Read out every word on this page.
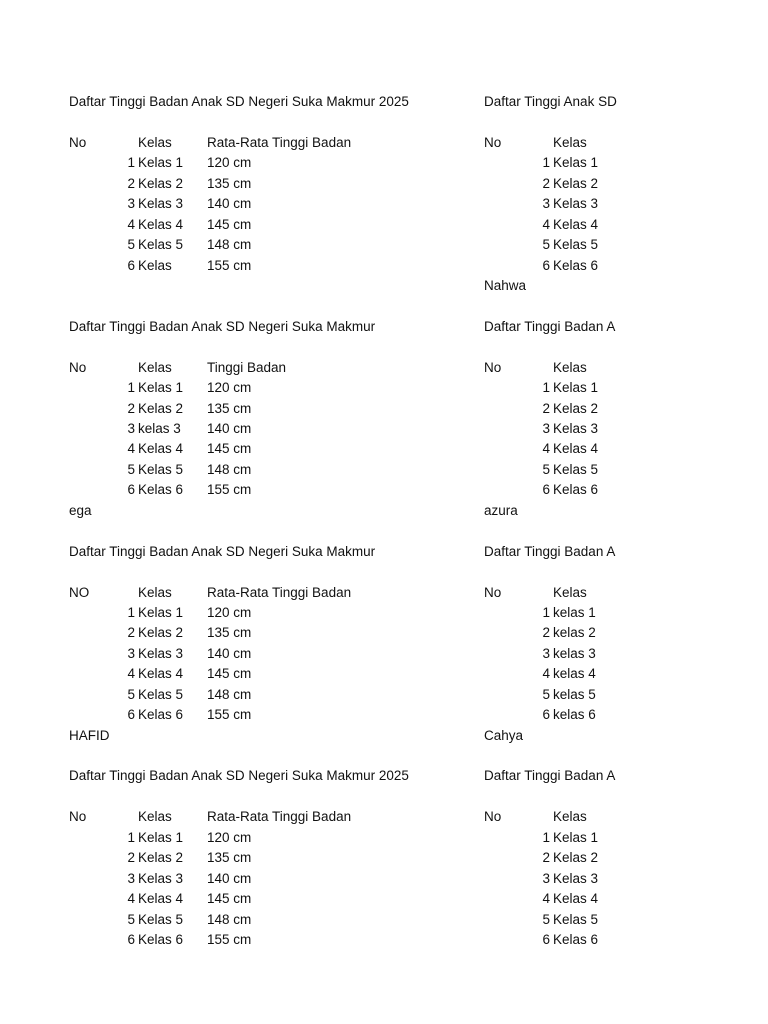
Daftar Tinggi Badan Anak SD Negeri Suka Makmur 2025
No	Kelas	Rata-Rata Tinggi Badan
1 Kelas 1 120 cm
2 Kelas 2 135 cm
3 Kelas 3 140 cm
4 Kelas 4 145 cm
5 Kelas 5 148 cm
6 Kelas	155 cm
Daftar Tinggi Badan Anak SD Negeri Suka Makmur
No	Kelas	Tinggi Badan
1 Kelas 1 120 cm
2 Kelas 2 135 cm
3 kelas 3 140 cm
4 Kelas 4 145 cm
5 Kelas 5 148 cm
6 Kelas 6 155 cm
ega
Daftar Tinggi Badan Anak SD Negeri Suka Makmur
NO	Kelas	Rata-Rata Tinggi Badan
1 Kelas 1 120 cm
2 Kelas 2 135 cm
3 Kelas 3 140 cm
4 Kelas 4 145 cm
5 Kelas 5 148 cm
6 Kelas 6 155 cm
HAFID
Daftar Tinggi Badan Anak SD Negeri Suka Makmur 2025
No	Kelas	Rata-Rata Tinggi Badan
1 Kelas 1 120 cm
2 Kelas 2 135 cm
3 Kelas 3 140 cm
4 Kelas 4 145 cm
5 Kelas 5 148 cm
6 Kelas 6 155 cm
Daftar Tinggi Anak SD
No	Kelas
1 Kelas 1
2 Kelas 2
3 Kelas 3
4 Kelas 4
5 Kelas 5
6 Kelas 6
Nahwa
Daftar Tinggi Badan A
No	Kelas
1 Kelas 1
2 Kelas 2
3 Kelas 3
4 Kelas 4
5 Kelas 5
6 Kelas 6
azura
Daftar Tinggi Badan A
No	Kelas
1 kelas 1
2 kelas 2
3 kelas 3
4 kelas 4
5 kelas 5
6 kelas 6
Cahya
Daftar Tinggi Badan A
No	Kelas
1 Kelas 1
2 Kelas 2
3 Kelas 3
4 Kelas 4
5 Kelas 5
6 Kelas 6
